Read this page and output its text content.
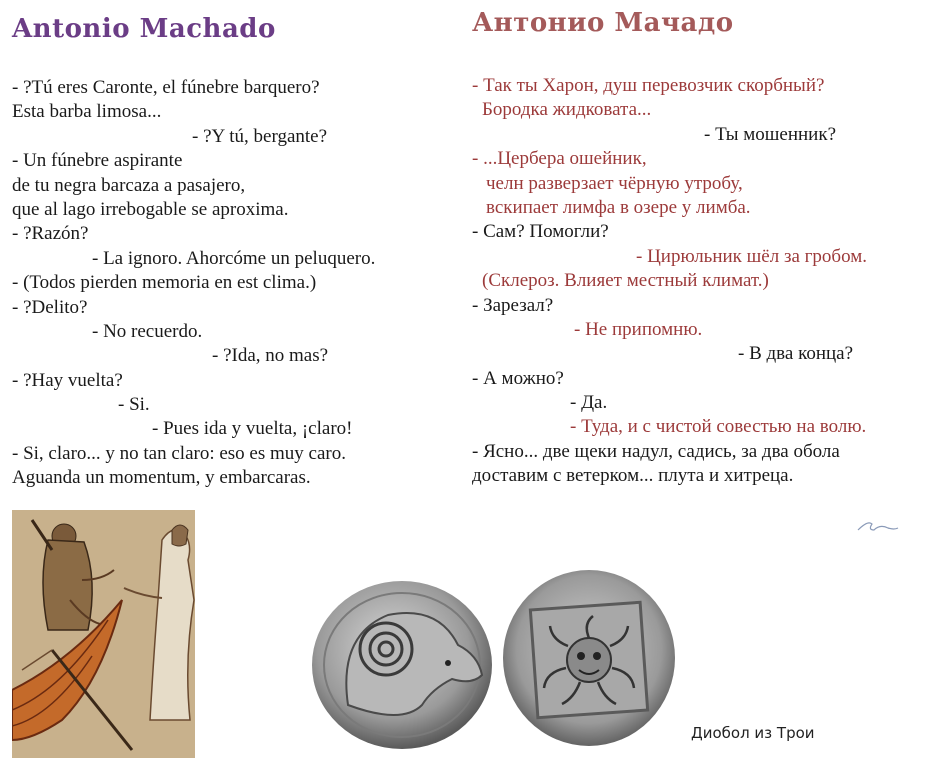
Antonio Machado	Антонио Мачадо
- ?Tú eres Caronte, el fúnebre barquero?
Esta barba limosa...
- ?Y tú, bergante?
- Un fúnebre aspirante
de tu negra barcaza a pasajero,
que al lago irrebogable se aproxima.
- ?Razón?
- La ignoro. Ahorcóme un peluquero.
- (Todos pierden memoria en est clima.)
- ?Delito?
- No recuerdo.
- ?Ida, no mas?
- ?Hay vuelta?
- Si.
- Pues ida y vuelta, ¡claro!
- Si, claro... y no tan claro: eso es muy caro.
Aguanda un momentum, y embarcaras.
- Так ты Харон, душ перевозчик скорбный?
Бородка жидковата...
- Ты мошенник?
- ...Цербера ошейник,
челн разверзает чёрную утробу,
вскипает лимфа в озере у лимба.
- Сам? Помогли?
- Цирюльник шёл за гробом.
(Склероз. Влияет местный климат.)
- Зарезал?
- Не припомню.
- В два конца?
- А можно?
- Да.
- Туда, и с чистой совестью на волю.
- Ясно... две щеки надул, садись, за два обола
доставим с ветерком... плута и хитреца.
Диобол из Трои
